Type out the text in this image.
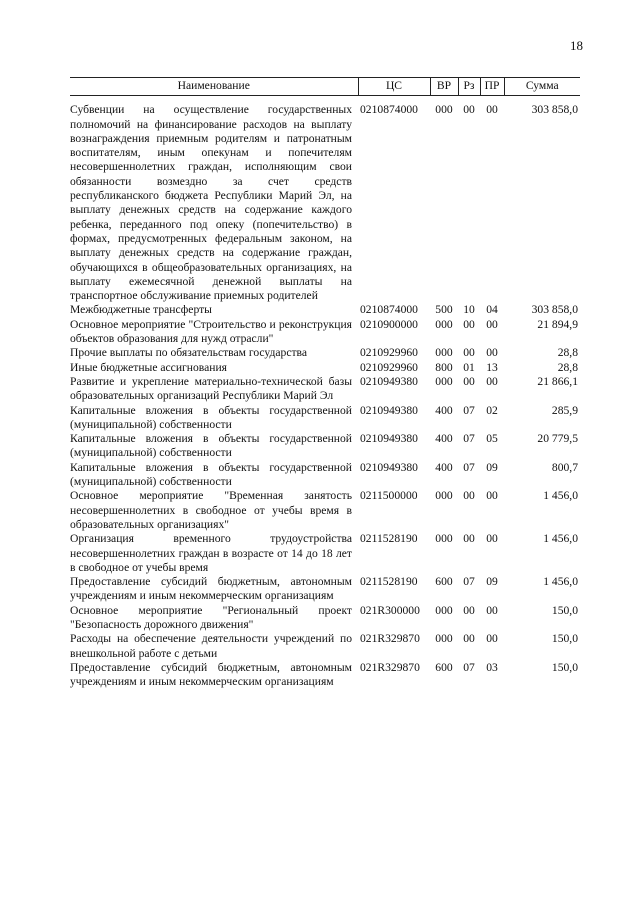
18
Наименование	ЦС	ВР	Рз	ПР	Сумма
Субвенции на осуществление государственных полномочий на финансирование расходов на выплату вознаграждения приемным родителям и патронатным воспитателям, иным опекунам и попечителям несовершеннолетних граждан, исполняющим свои обязанности возмездно за счет средств республиканского бюджета Республики Марий Эл, на выплату денежных средств на содержание каждого ребенка, переданного под опеку (попечительство) в формах, предусмотренных федеральным законом, на выплату денежных средств на содержание граждан, обучающихся в общеобразовательных организациях, на выплату ежемесячной денежной выплаты на транспортное обслуживание приемных родителей	0210874000	000	00	00	303 858,0
Межбюджетные трансферты	0210874000	500	10	04	303 858,0
Основное мероприятие "Строительство и реконструкция объектов образования для нужд отрасли"	0210900000	000	00	00	21 894,9
Прочие выплаты по обязательствам государства	0210929960	000	00	00	28,8
Иные бюджетные ассигнования	0210929960	800	01	13	28,8
Развитие и укрепление материально-технической базы образовательных организаций Республики Марий Эл	0210949380	000	00	00	21 866,1
Капитальные вложения в объекты государственной (муниципальной) собственности	0210949380	400	07	02	285,9
Капитальные вложения в объекты государственной (муниципальной) собственности	0210949380	400	07	05	20 779,5
Капитальные вложения в объекты государственной (муниципальной) собственности	0210949380	400	07	09	800,7
Основное мероприятие "Временная занятость несовершеннолетних в свободное от учебы время в образовательных организациях"	0211500000	000	00	00	1 456,0
Организация временного трудоустройства несовершеннолетних граждан в возрасте от 14 до 18 лет в свободное от учебы время	0211528190	000	00	00	1 456,0
Предоставление субсидий бюджетным, автономным учреждениям и иным некоммерческим организациям	0211528190	600	07	09	1 456,0
Основное мероприятие "Региональный проект "Безопасность дорожного движения"	021R300000	000	00	00	150,0
Расходы на обеспечение деятельности учреждений по внешкольной работе с детьми	021R329870	000	00	00	150,0
Предоставление субсидий бюджетным, автономным учреждениям и иным некоммерческим организациям	021R329870	600	07	03	150,0
